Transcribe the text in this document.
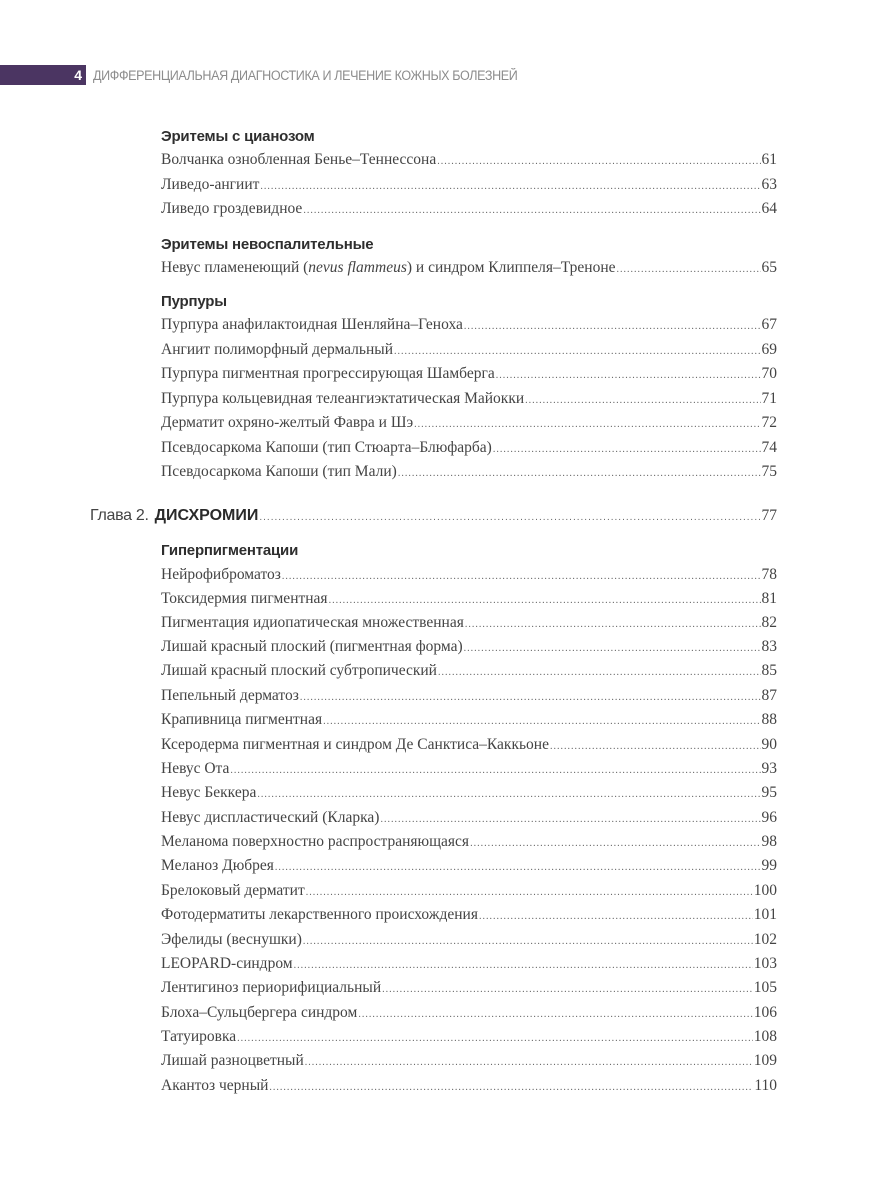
4 ДИФФЕРЕНЦИАЛЬНАЯ ДИАГНОСТИКА И ЛЕЧЕНИЕ КОЖНЫХ БОЛЕЗНЕЙ
Эритемы с цианозом
Волчанка ознобленная Бенье–Теннессона .....	61
Ливедо-ангиит .....	63
Ливедо гроздевидное .....	64
Эритемы невоспалительные
Невус пламенеющий (nevus flammeus) и синдром Клиппеля–Треноне .....	65
Пурпуры
Пурпура анафилактоидная Шенляйна–Геноха .....	67
Ангиит полиморфный дермальный .....	69
Пурпура пигментная прогрессирующая Шамберга .....	70
Пурпура кольцевидная телеангиэктатическая Майокки .....	71
Дерматит охряно-желтый Фавра и Шэ .....	72
Псевдосаркома Капоши (тип Стюарта–Блюфарба) .....	74
Псевдосаркома Капоши (тип Мали) .....	75
Глава 2. ДИСХРОМИИ .....	77
Гиперпигментации
Нейрофиброматоз .....	78
Токсидермия пигментная .....	81
Пигментация идиопатическая множественная .....	82
Лишай красный плоский (пигментная форма) .....	83
Лишай красный плоский субтропический .....	85
Пепельный дерматоз .....	87
Крапивница пигментная .....	88
Ксеродерма пигментная и синдром Де Санктиса–Каккьоне .....	90
Невус Ота .....	93
Невус Беккера .....	95
Невус диспластический (Кларка) .....	96
Меланома поверхностно распространяющаяся .....	98
Меланоз Дюбрея .....	99
Брелоковый дерматит .....	100
Фотодерматиты лекарственного происхождения .....	101
Эфелиды (веснушки) .....	102
LEOPARD-синдром .....	103
Лентигиноз периорифициальный .....	105
Блоха–Сульцбергера синдром .....	106
Татуировка .....	108
Лишай разноцветный .....	109
Акантоз черный .....	110
